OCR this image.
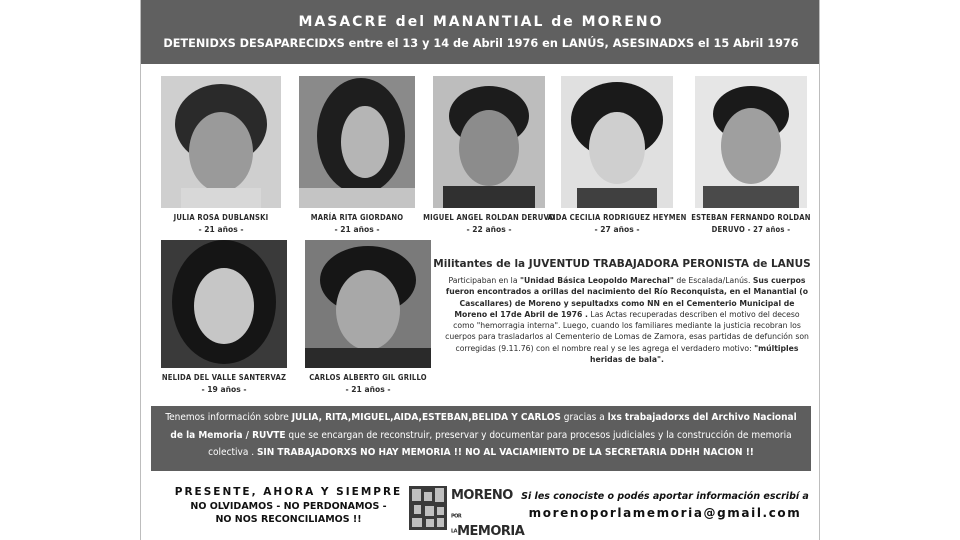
MASACRE del MANANTIAL de MORENO
DETENIDXS DESAPARECIDXS entre el 13 y 14 de Abril 1976 en LANÚS, ASESINADXS el 15 Abril 1976
JULIA ROSA DUBLANSKI
- 21 años -
MARÍA RITA GIORDANO
- 21 años -
MIGUEL ANGEL ROLDAN DERUVO
- 22 años -
AIDA CECILIA RODRIGUEZ HEYMEN
- 27 años -
ESTEBAN FERNANDO ROLDAN
DERUVO - 27 años -
NELIDA DEL VALLE SANTERVAZ
- 19 años -
CARLOS ALBERTO GIL GRILLO
- 21 años -
Militantes de la JUVENTUD TRABAJADORA PERONISTA de LANUS
Participaban en la "Unidad Básica Leopoldo Marechal" de Escalada/Lanús. Sus cuerpos fueron encontrados a orillas del nacimiento del Río Reconquista, en el Manantial (o Cascallares) de Moreno y sepultadxs como NN en el Cementerio Municipal de Moreno el 17de Abril de 1976 . Las Actas recuperadas describen el motivo del deceso como "hemorragia interna". Luego, cuando los familiares mediante la justicia recobran los cuerpos para trasladarlos al Cementerio de Lomas de Zamora, esas partidas de defunción son corregidas (9.11.76) con el nombre real y se les agrega el verdadero motivo: "múltiples heridas de bala".
Tenemos información sobre JULIA, RITA,MIGUEL,AIDA,ESTEBAN,BELIDA Y CARLOS gracias a lxs trabajadorxs del Archivo Nacional de la Memoria / RUVTE que se encargan de reconstruir, preservar y documentar para procesos judiciales y la construcción de memoria colectiva . SIN TRABAJADORXS NO HAY MEMORIA !! NO AL VACIAMIENTO DE LA SECRETARIA DDHH NACION !!
PRESENTE, AHORA Y SIEMPRE
NO OLVIDAMOS - NO PERDONAMOS -
NO NOS RECONCILIAMOS !!
MORENO
POR LAMEMORIA
Si les conociste o podés aportar información escribí a
morenoporlamemoria@gmail.com
